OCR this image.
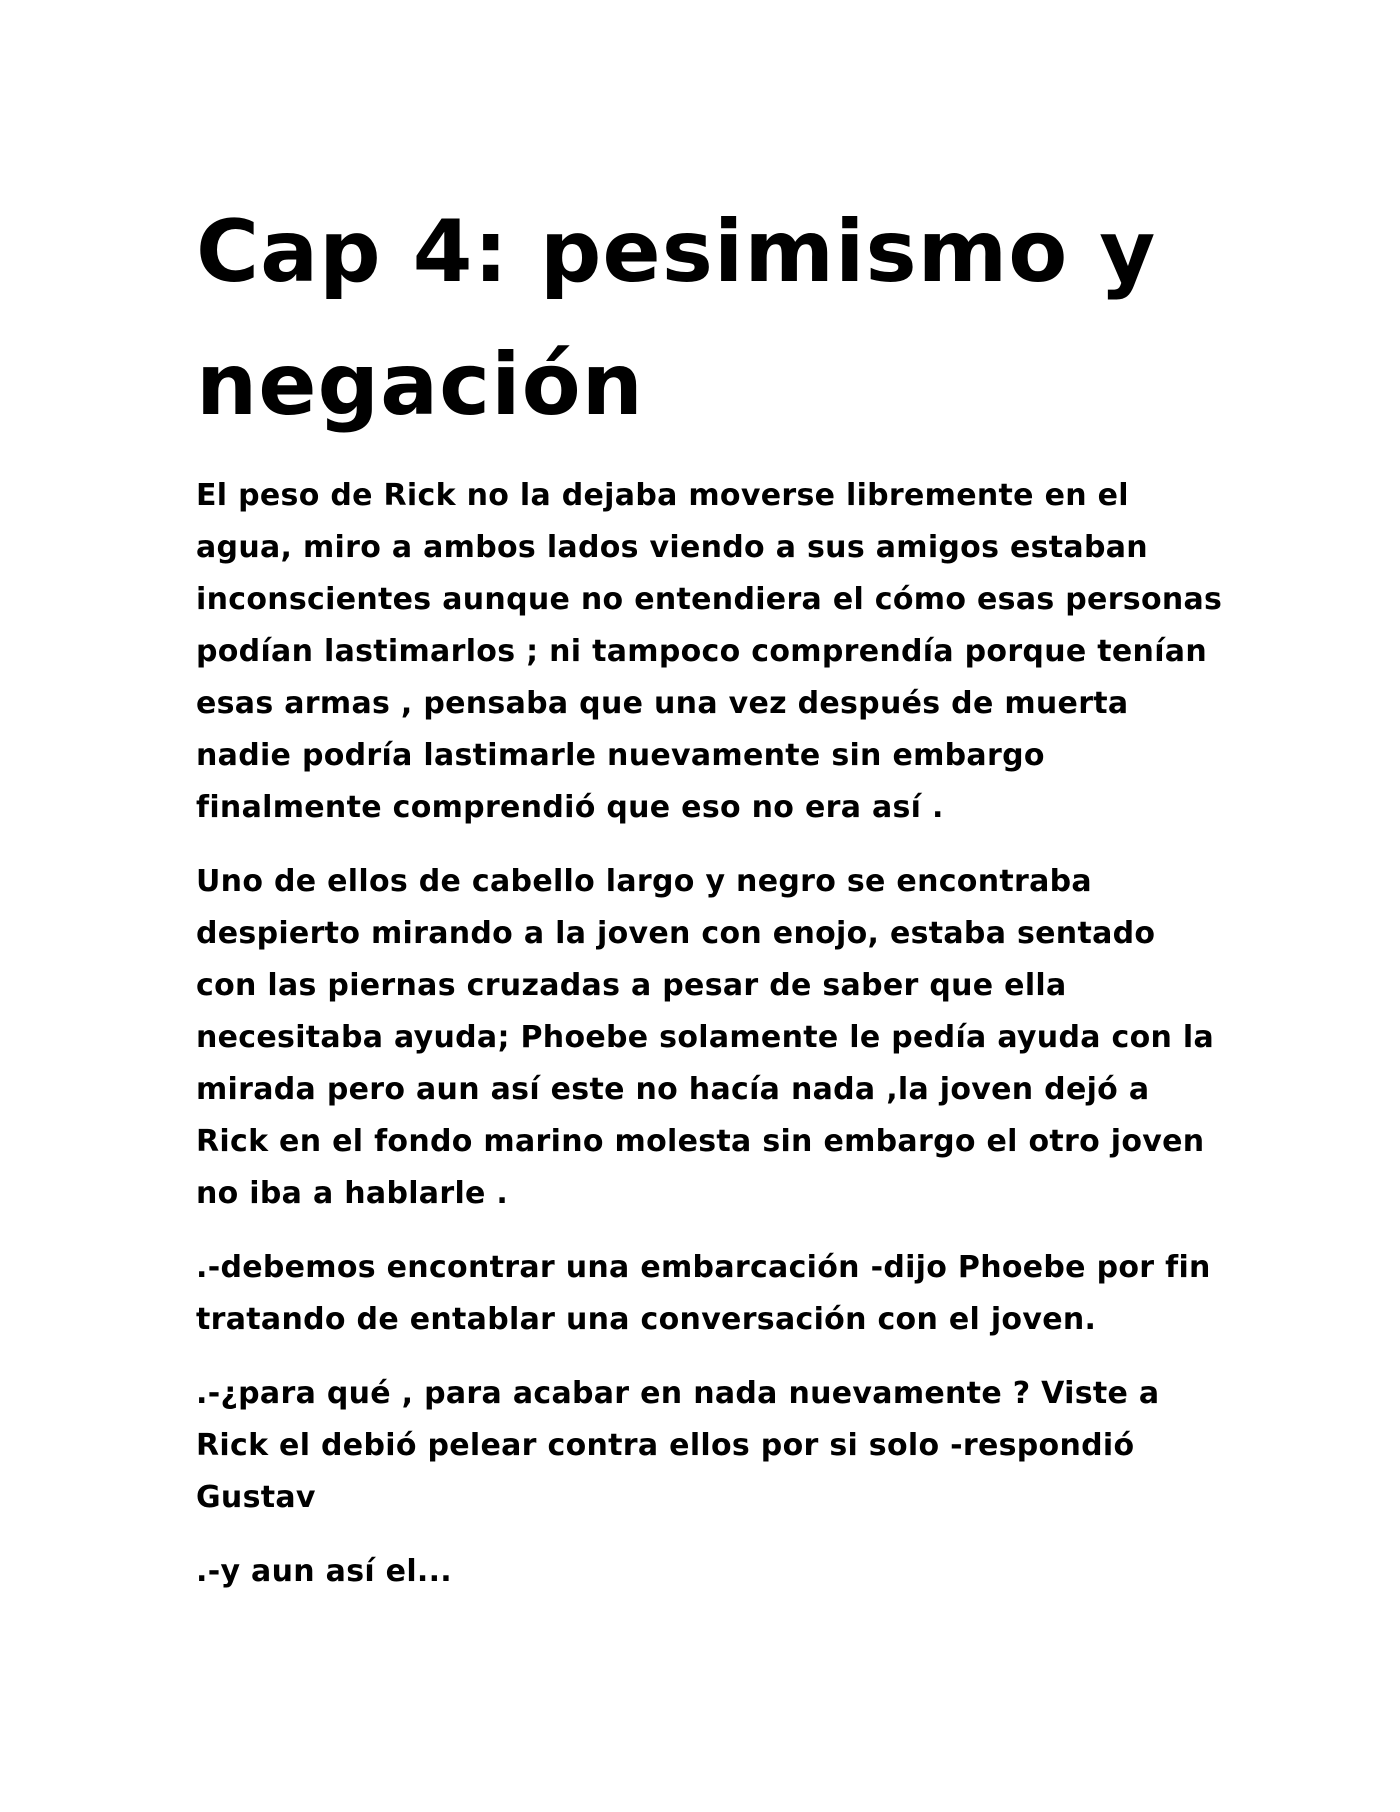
Cap 4: pesimismo y
negación

El peso de Rick no la dejaba moverse libremente en el agua, miro a ambos lados viendo a sus amigos estaban inconscientes aunque no entendiera el cómo esas personas podían lastimarlos ; ni tampoco comprendía porque tenían esas armas , pensaba que una vez después de muerta nadie podría lastimarle nuevamente sin embargo finalmente comprendió que eso no era así .

Uno de ellos de cabello largo y negro se encontraba despierto mirando a la joven con enojo, estaba sentado con las piernas cruzadas a pesar de saber que ella necesitaba ayuda; Phoebe solamente le pedía ayuda con la mirada pero aun así este no hacía nada ,la joven dejó a Rick en el fondo marino molesta sin embargo el otro joven no iba a hablarle .

.-debemos encontrar una embarcación -dijo Phoebe por fin tratando de entablar una conversación con el joven.

.-¿para qué , para acabar en nada nuevamente ? Viste a Rick el debió pelear contra ellos por si solo -respondió Gustav

.-y aun así el...
